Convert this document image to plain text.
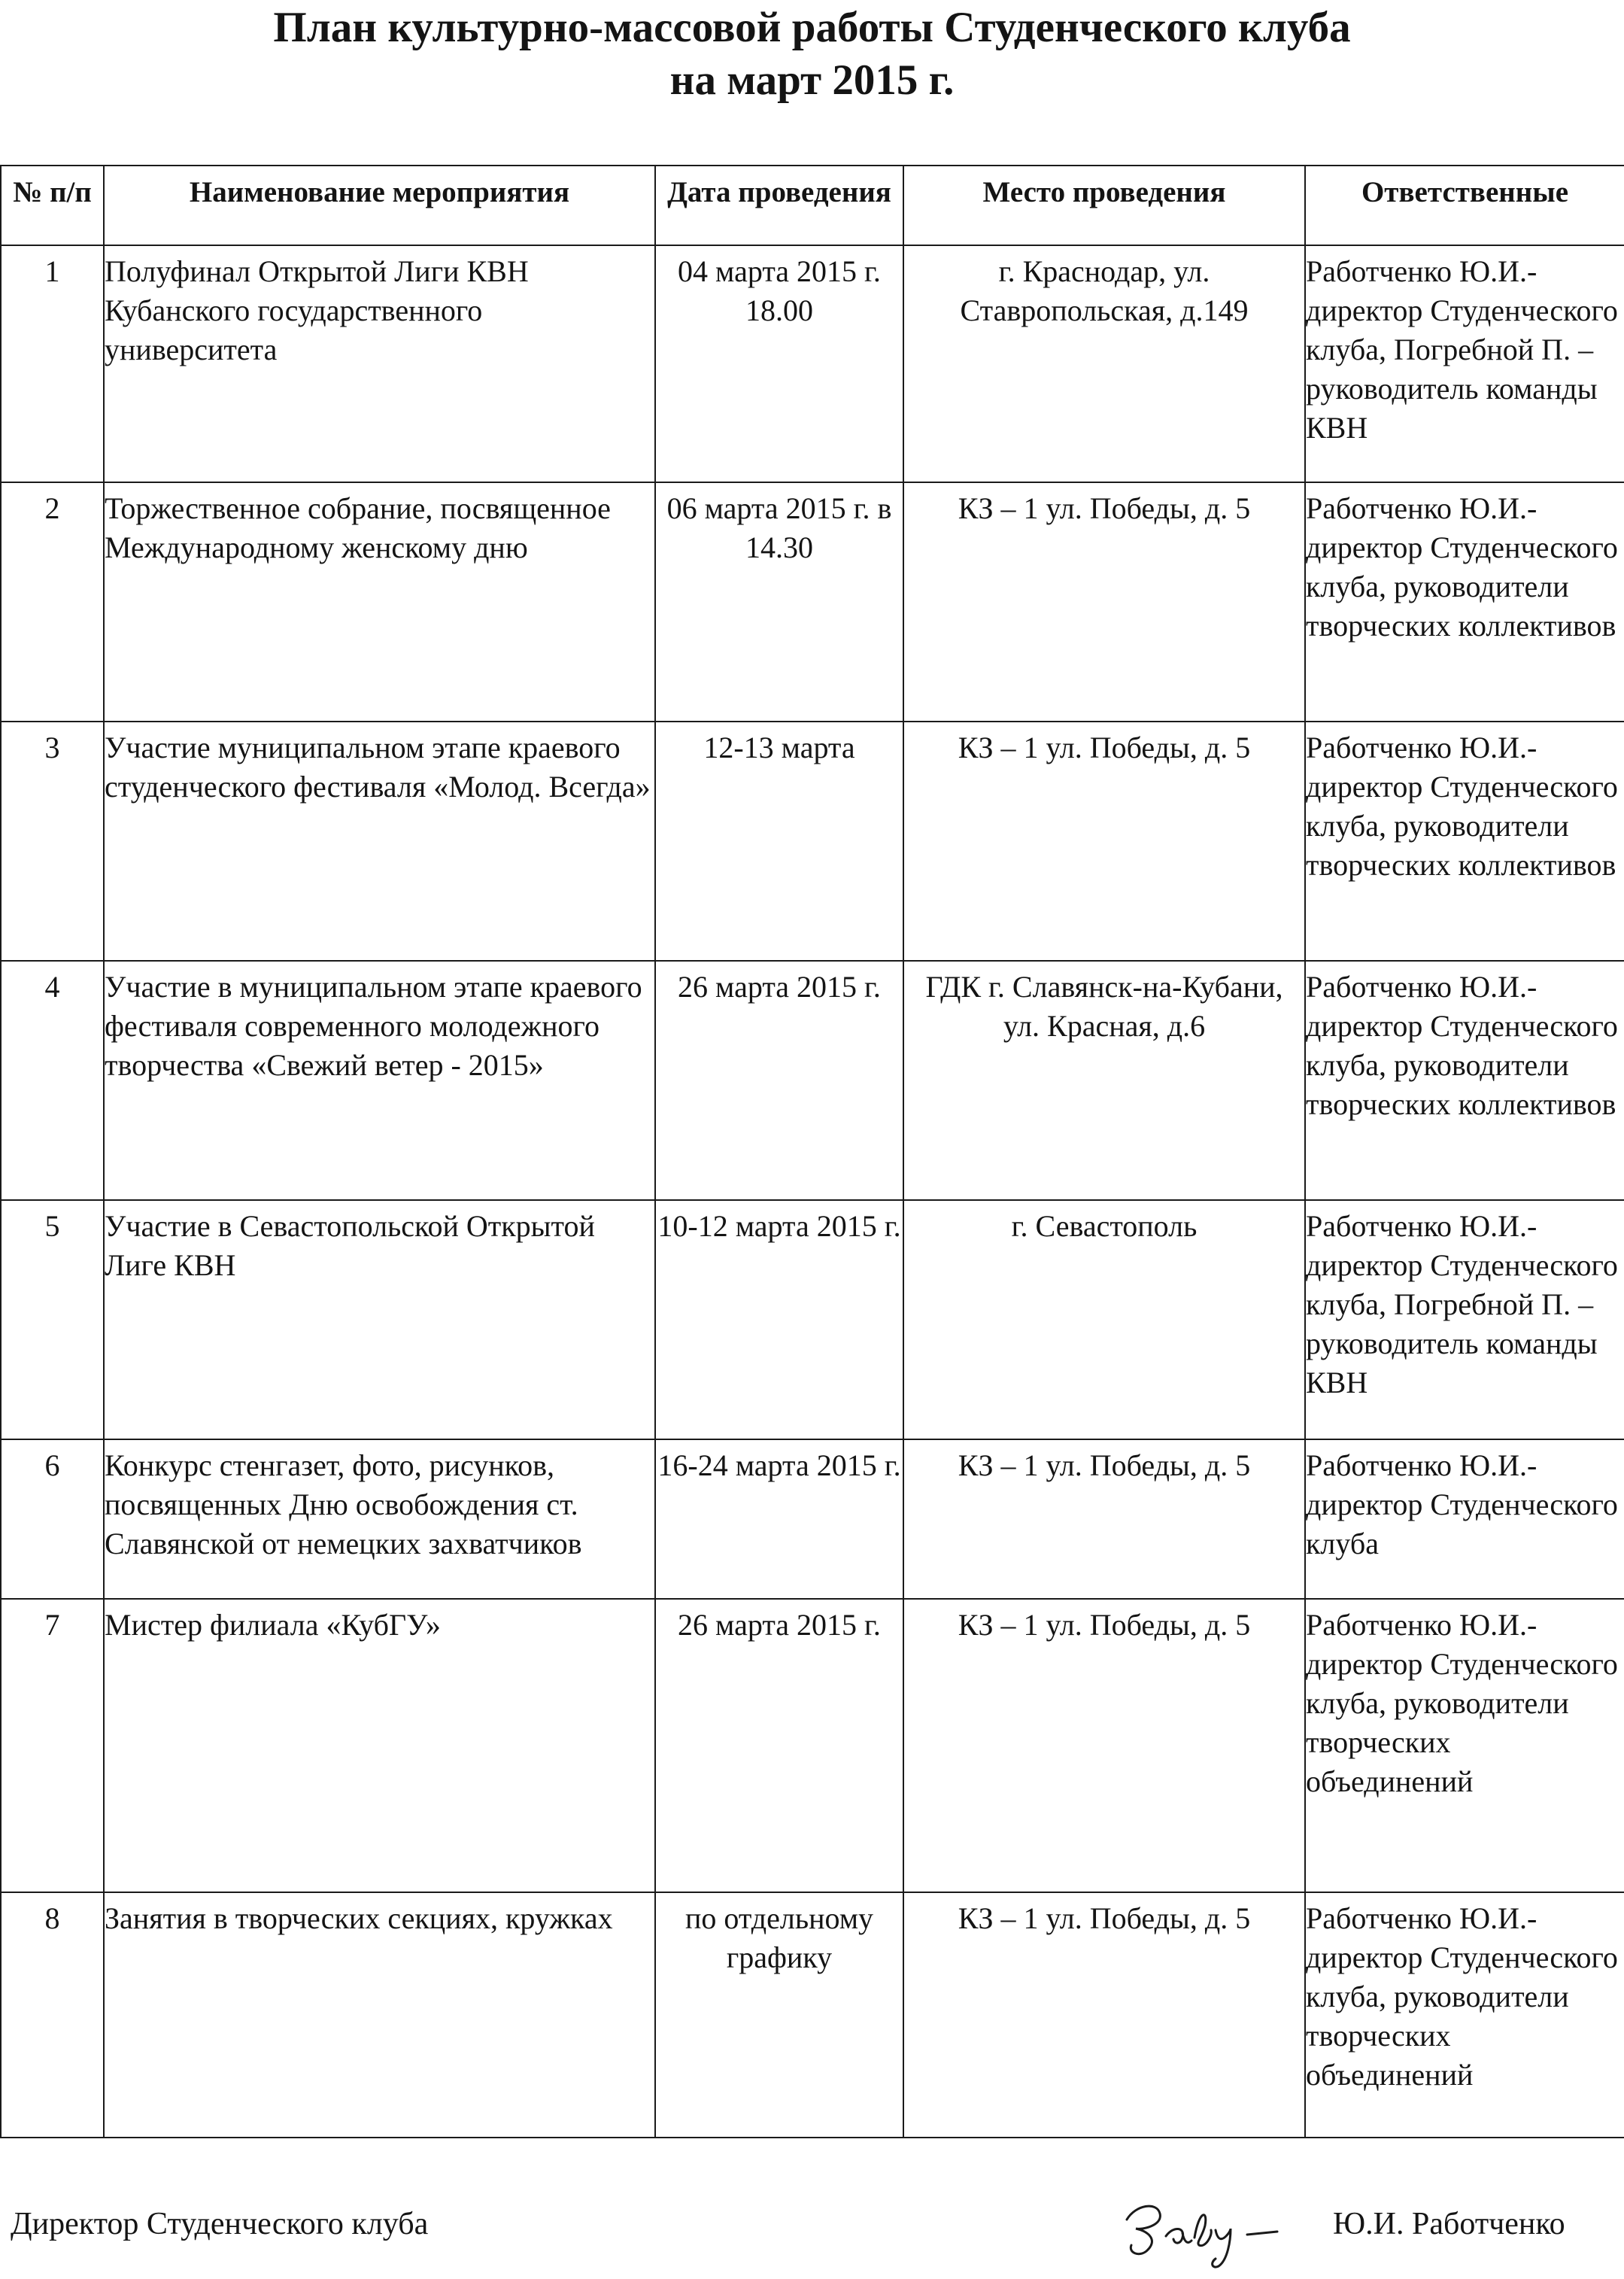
План культурно-массовой работы Студенческого клуба
на март 2015 г.
№ п/п	Наименование мероприятия	Дата проведения	Место проведения	Ответственные
1	Полуфинал Открытой Лиги КВН Кубанского государственного университета	04 марта 2015 г. 18.00	г. Краснодар, ул. Ставропольская, д.149	Работченко Ю.И.- директор Студенческого клуба, Погребной П. – руководитель команды КВН
2	Торжественное собрание, посвященное Международному женскому дню	06 марта 2015 г. в 14.30	КЗ – 1 ул. Победы, д. 5	Работченко Ю.И.- директор Студенческого клуба, руководители творческих коллективов
3	Участие муниципальном этапе краевого студенческого фестиваля «Молод. Всегда»	12-13 марта	КЗ – 1 ул. Победы, д. 5	Работченко Ю.И.- директор Студенческого клуба, руководители творческих коллективов
4	Участие в муниципальном этапе краевого фестиваля современного молодежного творчества «Свежий ветер - 2015»	26 марта 2015 г.	ГДК г. Славянск-на-Кубани, ул. Красная, д.6	Работченко Ю.И.- директор Студенческого клуба, руководители творческих коллективов
5	Участие в Севастопольской Открытой Лиге КВН	10-12 марта 2015 г.	г. Севастополь	Работченко Ю.И.- директор Студенческого клуба, Погребной П. – руководитель команды КВН
6	Конкурс стенгазет, фото, рисунков, посвященных Дню освобождения ст. Славянской от немецких захватчиков	16-24 марта 2015 г.	КЗ – 1 ул. Победы, д. 5	Работченко Ю.И.- директор Студенческого клуба
7	Мистер филиала «КубГУ»	26 марта 2015 г.	КЗ – 1 ул. Победы, д. 5	Работченко Ю.И.- директор Студенческого клуба, руководители творческих объединений
8	Занятия в творческих секциях, кружках	по отдельному графику	КЗ – 1 ул. Победы, д. 5	Работченко Ю.И.- директор Студенческого клуба, руководители творческих объединений
Директор Студенческого клуба	Ю.И. Работченко
